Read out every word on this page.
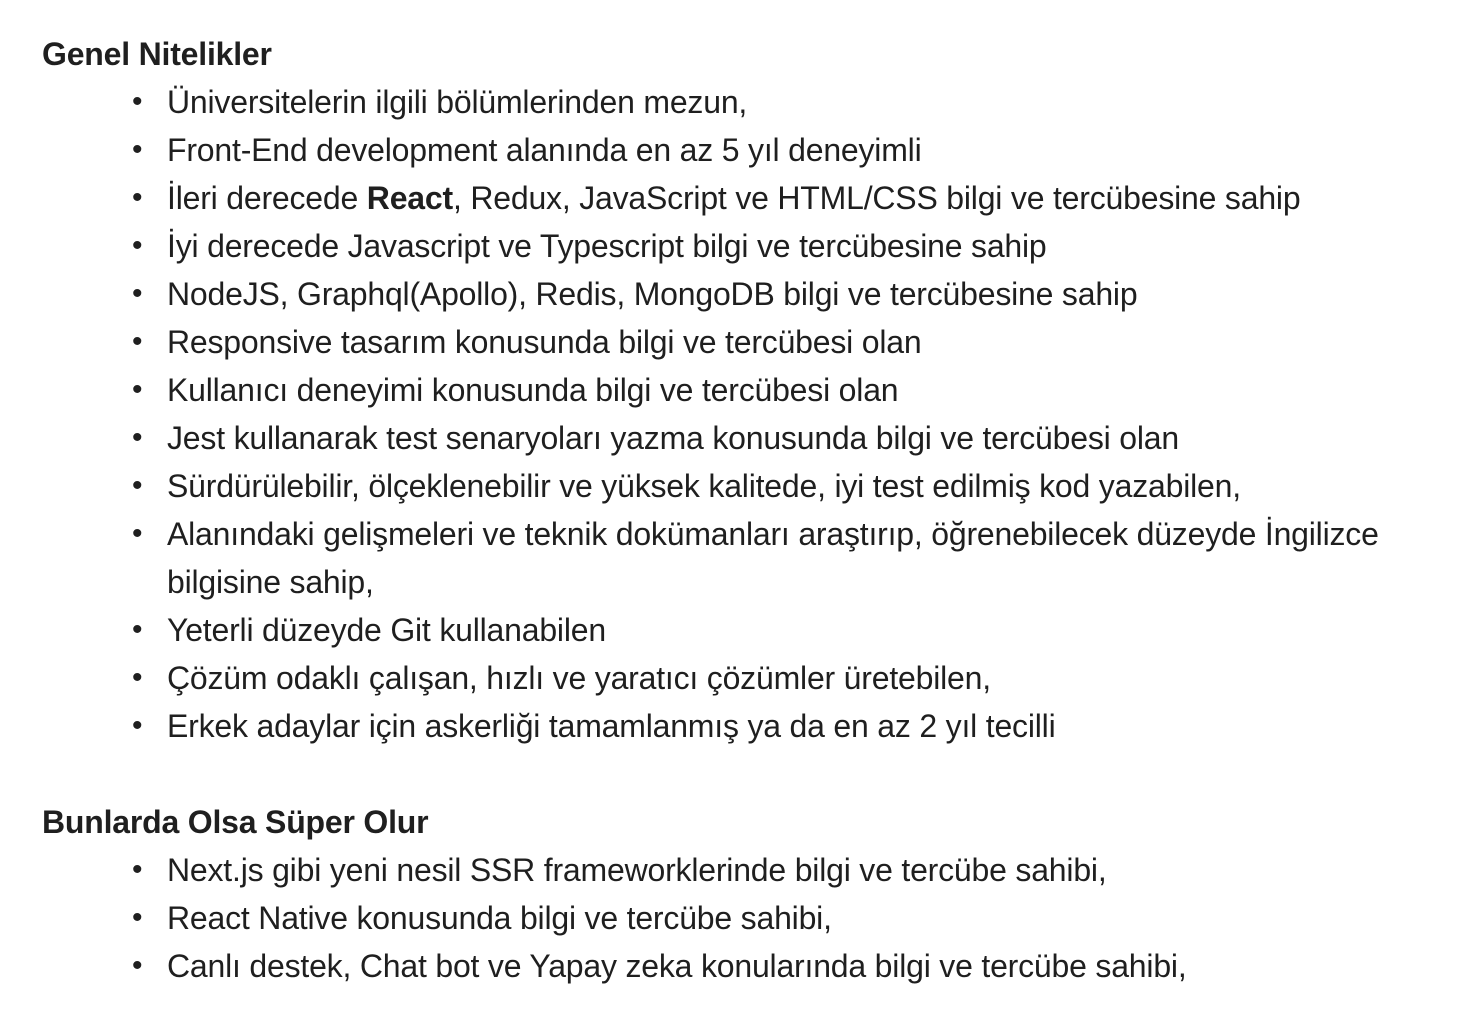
Genel Nitelikler
• Üniversitelerin ilgili bölümlerinden mezun,
• Front-End development alanında en az 5 yıl deneyimli
• İleri derecede React, Redux, JavaScript ve HTML/CSS bilgi ve tercübesine sahip
• İyi derecede Javascript ve Typescript bilgi ve tercübesine sahip
• NodeJS, Graphql(Apollo), Redis, MongoDB bilgi ve tercübesine sahip
• Responsive tasarım konusunda bilgi ve tercübesi olan
• Kullanıcı deneyimi konusunda bilgi ve tercübesi olan
• Jest kullanarak test senaryoları yazma konusunda bilgi ve tercübesi olan
• Sürdürülebilir, ölçeklenebilir ve yüksek kalitede, iyi test edilmiş kod yazabilen,
• Alanındaki gelişmeleri ve teknik dokümanları araştırıp, öğrenebilecek düzeyde İngilizce bilgisine sahip,
• Yeterli düzeyde Git kullanabilen
• Çözüm odaklı çalışan, hızlı ve yaratıcı çözümler üretebilen,
• Erkek adaylar için askerliği tamamlanmış ya da en az 2 yıl tecilli
Bunlarda Olsa Süper Olur
• Next.js gibi yeni nesil SSR frameworklerinde bilgi ve tercübe sahibi,
• React Native konusunda bilgi ve tercübe sahibi,
• Canlı destek, Chat bot ve Yapay zeka konularında bilgi ve tercübe sahibi,
